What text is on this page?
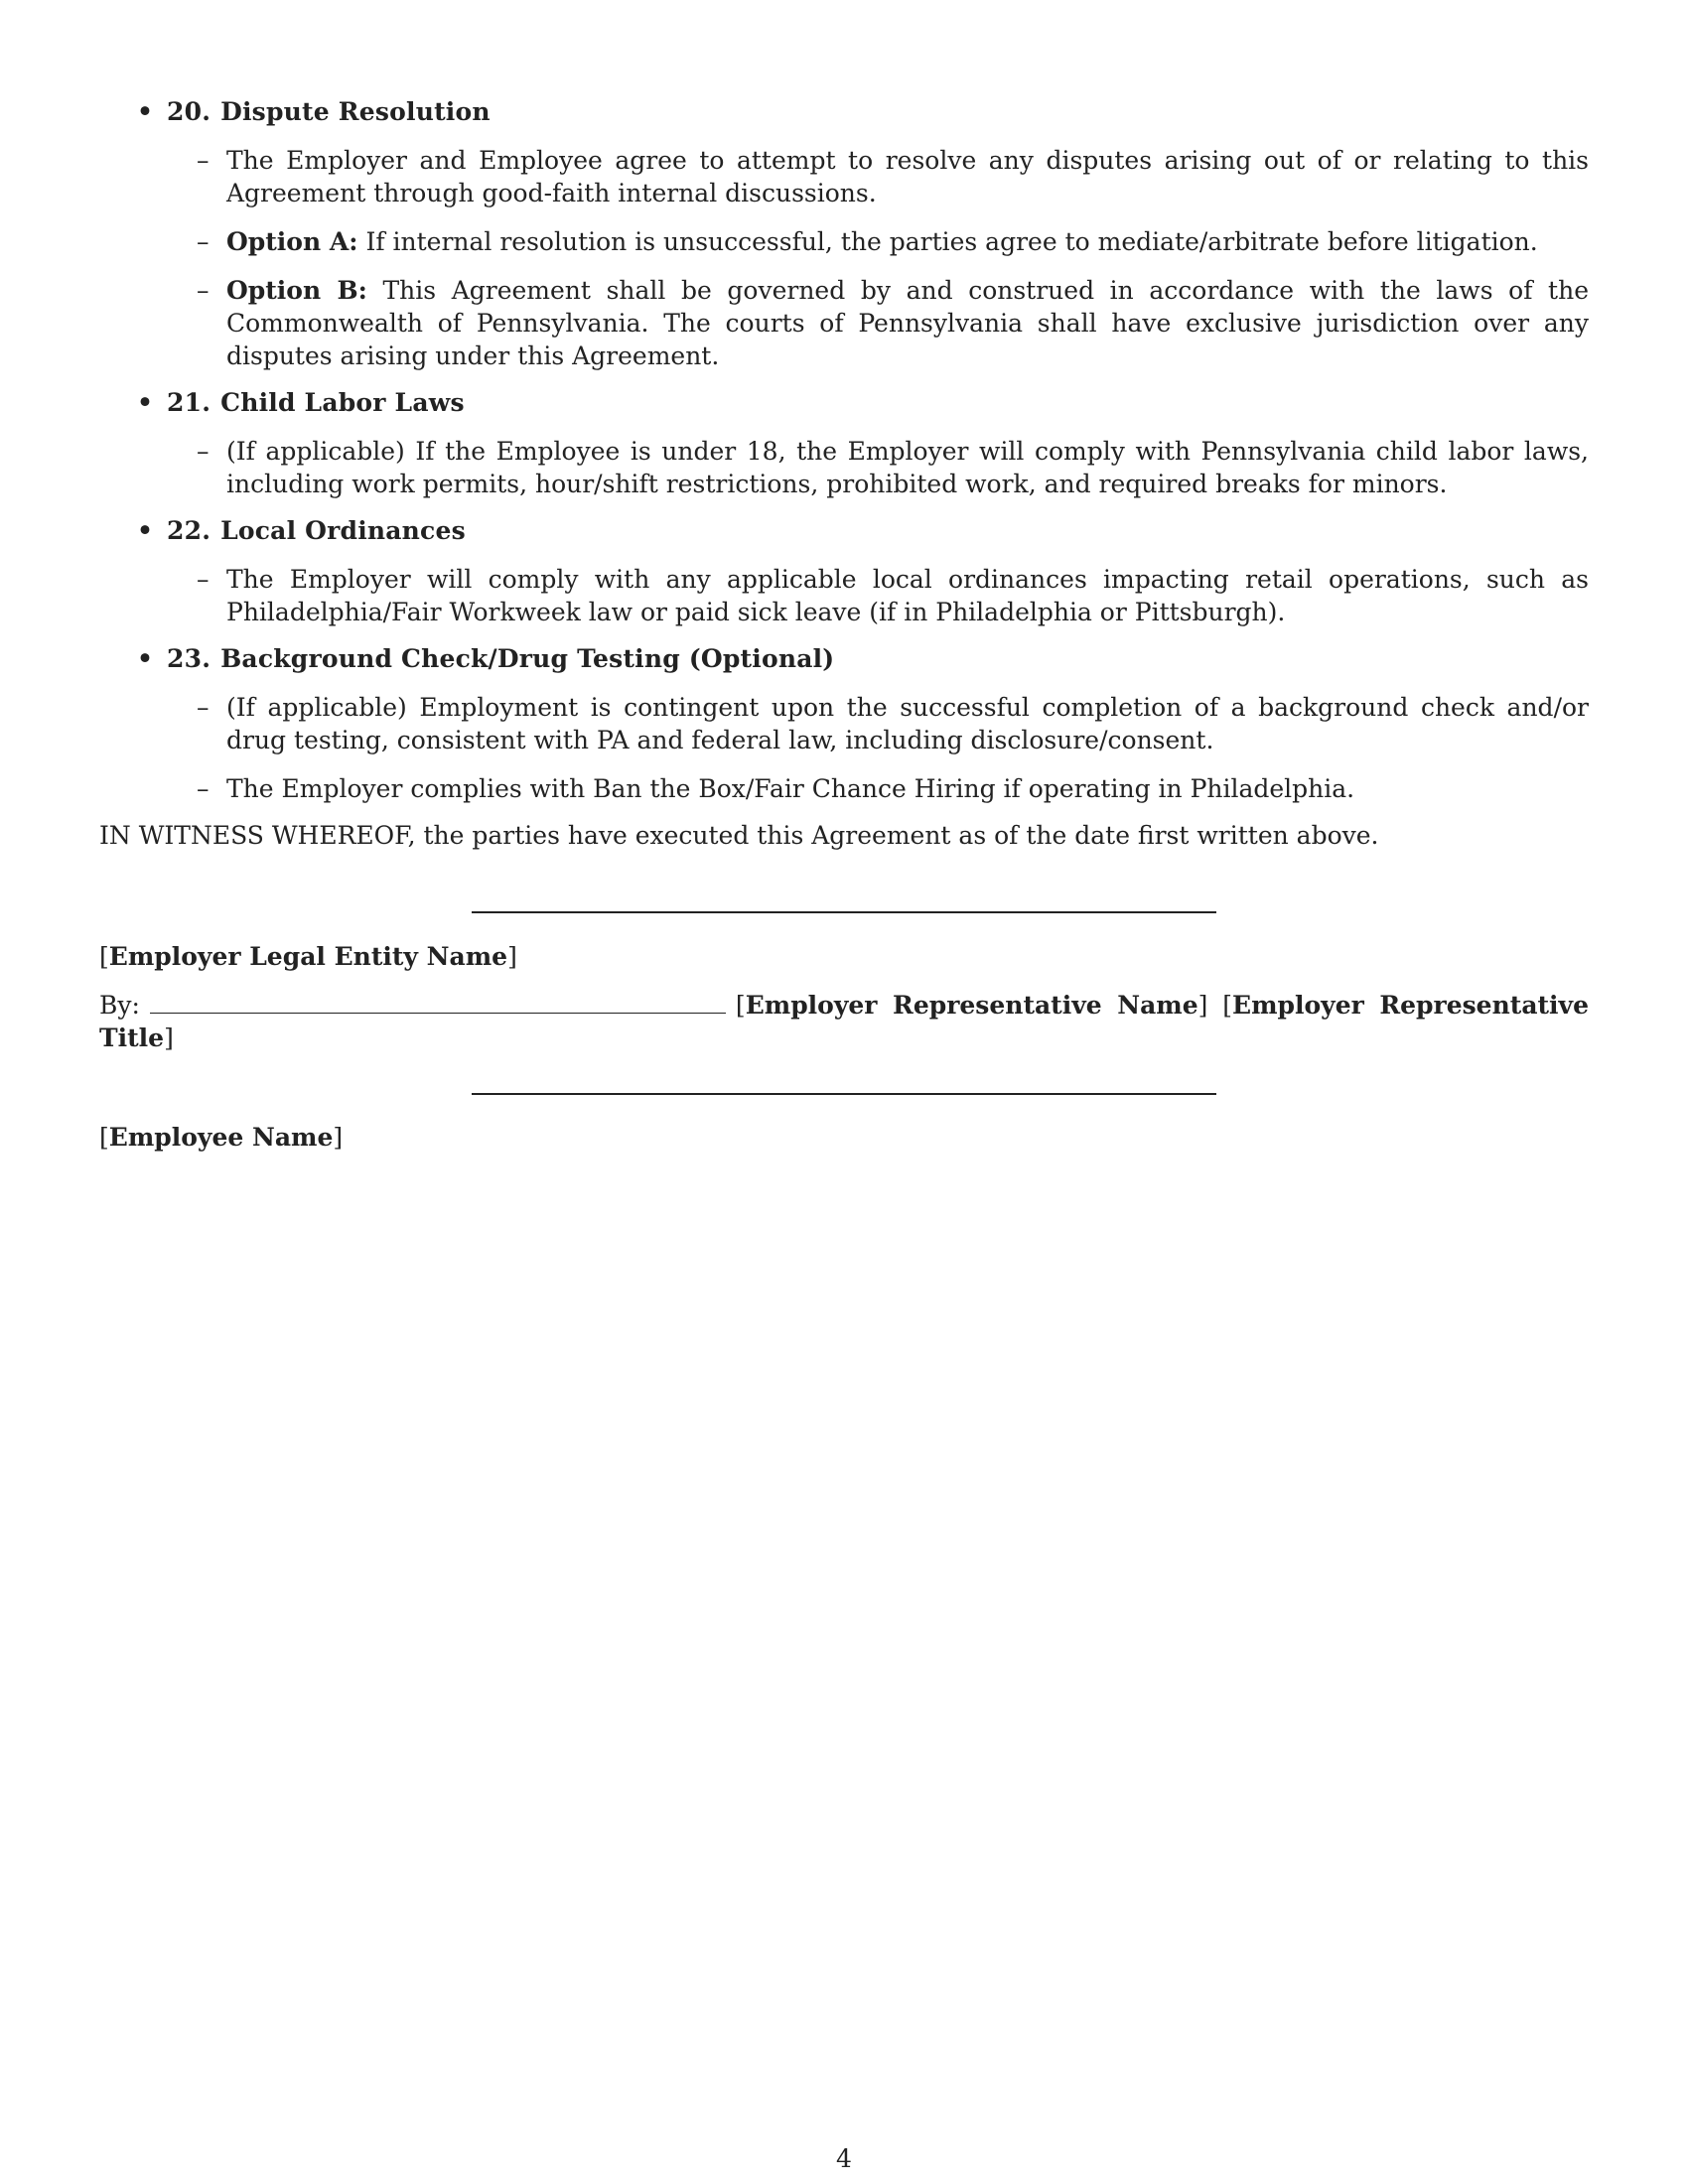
• 20. Dispute Resolution
– The Employer and Employee agree to attempt to resolve any disputes arising out of or relating to this Agreement through good-faith internal discussions.
– Option A: If internal resolution is unsuccessful, the parties agree to mediate/arbitrate before litigation.
– Option B: This Agreement shall be governed by and construed in accordance with the laws of the Commonwealth of Pennsylvania. The courts of Pennsylvania shall have exclusive jurisdiction over any disputes arising under this Agreement.
• 21. Child Labor Laws
– (If applicable) If the Employee is under 18, the Employer will comply with Pennsylvania child labor laws, including work permits, hour/shift restrictions, prohibited work, and required breaks for minors.
• 22. Local Ordinances
– The Employer will comply with any applicable local ordinances impacting retail operations, such as Philadelphia/Fair Workweek law or paid sick leave (if in Philadelphia or Pittsburgh).
• 23. Background Check/Drug Testing (Optional)
– (If applicable) Employment is contingent upon the successful completion of a background check and/or drug testing, consistent with PA and federal law, including disclosure/consent.
– The Employer complies with Ban the Box/Fair Chance Hiring if operating in Philadelphia.
IN WITNESS WHEREOF, the parties have executed this Agreement as of the date first written above.
[Employer Legal Entity Name]
By:	[Employer Representative Name] [Employer Representative Title]
[Employee Name]
4
